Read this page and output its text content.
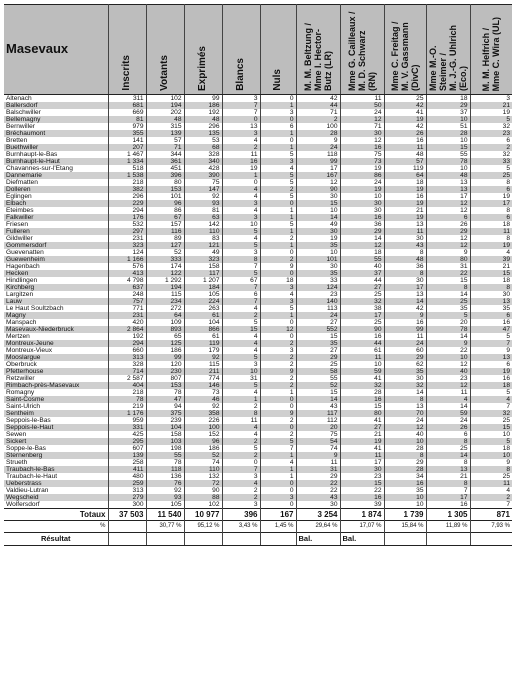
Masevaux	Inscrits	Votants	Exprimés	Blancs	Nuls	M. M. Beltzung /
Mme I. Hector-Butz (LR)	Mme G. Cailleaux /
M. D. Schwarz (RN)	Mme C. Freitag /
M. V. Gassmann (DivC)	Mme M.-O. Steimer /
M. J.-G. Uhlrich (Eco.)	M. M. Helfrich /
Mme C. Wira (UL)

Altenach	311	102	99	3	0	42	11	25	18	3
Ballersdorf	681	194	186	7	1	44	50	42	29	21
Balschwiller	669	202	192	7	3	71	24	41	37	19
Bellemagny	81	48	48	0	0	2	12	19	10	5
Bernwiller	979	315	296	13	6	100	71	42	51	32
Bréchaumont	355	139	135	3	1	28	30	26	28	23
Bretten	141	57	53	4	0	9	12	16	10	6
Buethwiller	207	71	68	2	1	24	16	11	15	2
Burnhaupt-le-Bas	1 467	344	328	11	5	118	75	48	55	32
Burnhaupt-le-Haut	1 334	361	340	16	3	99	73	57	78	33
Chavannes-sur-l'Etang	518	451	428	19	4	17	19	119	10	5
Dannemarie	1 538	396	390	1	5	167	86	64	48	25
Diefmatten	218	80	75	0	5	12	24	18	13	8
Dolleren	382	153	147	4	2	90	19	19	13	6
Eglingen	296	101	92	4	5	30	10	16	17	19
Elbach	229	96	93	3	0	15	30	19	12	17
Eteimbes	294	86	81	4	1	10	30	21	12	8
Falkwiller	176	67	63	3	1	14	16	19	6	6
Friesen	532	157	142	10	5	49	36	13	26	18
Fulleren	297	116	110	5	1	30	29	11	29	11
Gildwiller	231	89	83	4	2	19	14	30	12	8
Gommersdorf	323	127	121	5	1	35	12	43	12	19
Guevenatten	124	52	49	3	0	10	18	8	9	4
Guewenheim	1 166	333	323	8	2	101	55	48	80	39
Hagenbach	576	174	158	7	9	30	40	36	31	21
Hecken	413	122	117	5	0	35	37	8	22	15
Hindlingen	4 798	1 292	1 207	67	18	33	44	30	15	18
Kirchberg	637	194	184	7	3	124	27	17	8	8
Largitzen	248	115	105	6	4	23	25	13	14	30
Lauw	757	234	224	7	3	140	32	14	25	13
Le Haut Soultzbach	771	272	263	4	5	113	38	42	35	35
Magny	231	64	61	2	1	24	17	9	5	6
Manspach	420	109	104	5	0	27	25	16	20	16
Masevaux-Niederbruck	2 864	893	866	15	12	552	90	99	78	47
Mertzen	192	65	61	4	0	15	16	11	14	5
Montreux-Jeune	294	125	119	4	2	35	44	24	9	7
Montreux-Vieux	660	186	179	4	3	27	61	60	22	9
Mooslargue	313	99	92	5	2	29	11	29	10	13
Oberbruck	328	120	115	3	2	25	10	62	12	6
Pfetterhouse	714	230	211	10	9	58	59	35	40	19
Retzwiller	2 587	807	774	31	2	55	41	30	23	16
Rimbach-près-Masevaux	404	153	146	5	2	52	32	32	12	18
Romagny	218	78	73	4	1	15	28	14	11	5
Saint-Cosme	78	47	46	1	0	14	16	8	4	4
Saint-Ulrich	219	94	92	2	0	43	15	13	14	7
Sentheim	1 176	375	358	8	9	117	80	70	59	32
Seppois-le-Bas	959	239	226	11	2	112	41	24	24	25
Seppois-le-Haut	331	104	100	4	0	20	27	12	26	15
Sewen	425	158	152	4	2	75	21	40	6	10
Sickert	295	103	96	2	5	54	19	10	8	5
Soppe-le-Bas	607	198	186	5	7	74	41	28	25	18
Sternenberg	139	55	52	2	1	9	11	8	14	10
Strueth	258	78	74	0	4	11	17	29	8	9
Traubach-le-Bas	411	118	110	7	1	31	30	28	13	8
Traubach-le-Haut	480	136	132	3	1	29	23	34	21	25
Ueberstrass	259	76	72	4	0	22	15	16	8	11
Valdieu-Lutran	313	92	90	2	0	22	22	35	7	4
Wegscheid	279	93	88	2	3	43	16	10	17	2
Wolfersdorf	300	105	102	3	0	30	39	10	16	7
Totaux	37 503	11 540	10 977	396	167	3 254	1 874	1 739	1 305	871
%		30,77 %	95,12 %	3,43 %	1,45 %	29,64 %	17,07 %	15,84 %	11,89 %	7,93 %
Résultat						Bal.	Bal.			
